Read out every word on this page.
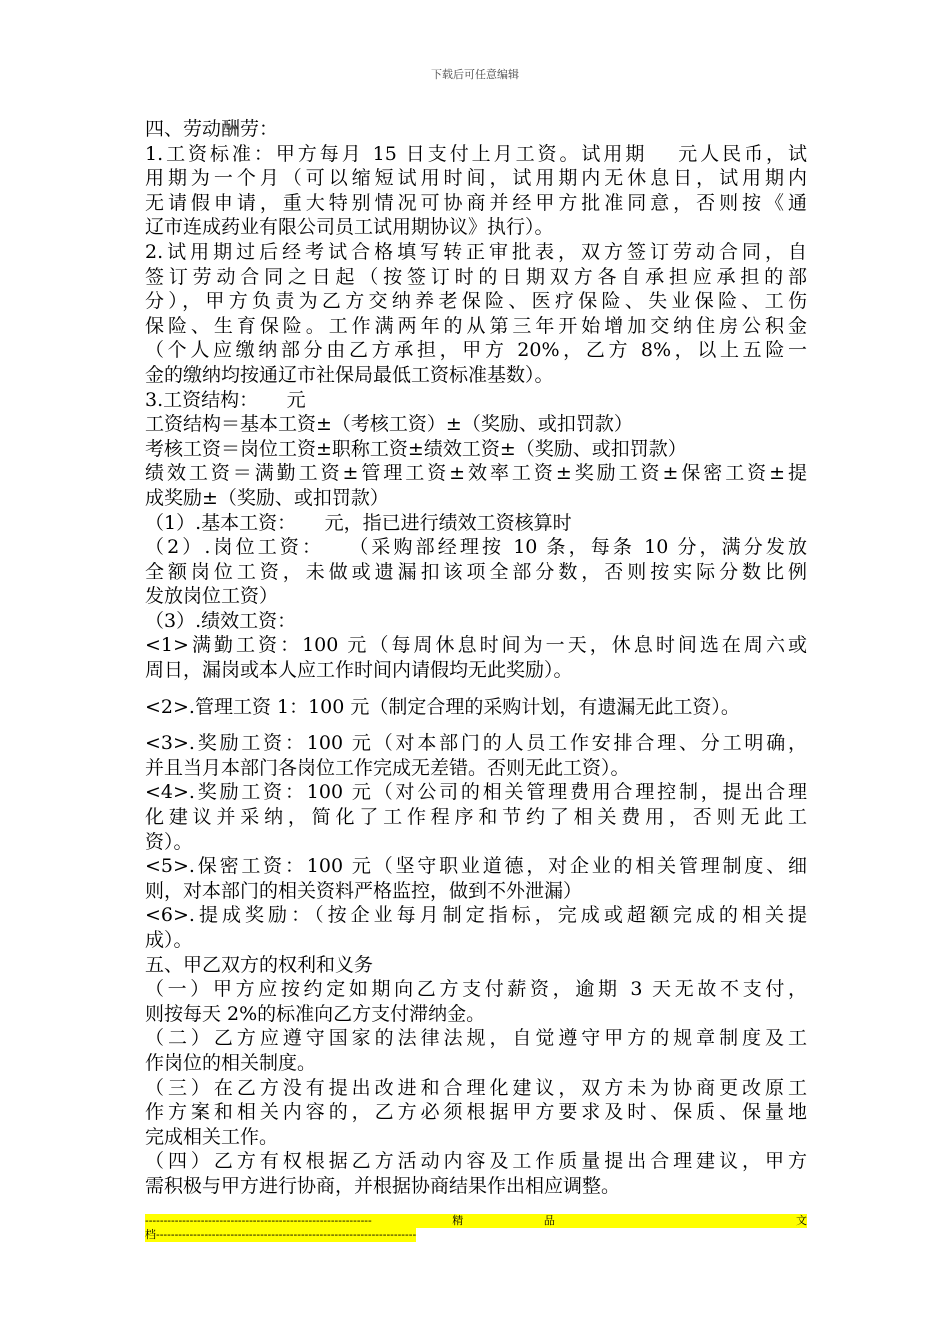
下载后可任意编辑
四、劳动酬劳：
1.工资标准：甲方每月 15 日支付上月工资。试用期　 元人民币，试
用期为一个月（可以缩短试用时间，试用期内无休息日，试用期内
无请假申请，重大特别情况可协商并经甲方批准同意，否则按《通
辽市连成药业有限公司员工试用期协议》执行）。
2.试用期过后经考试合格填写转正审批表，双方签订劳动合同，自
签订劳动合同之日起（按签订时的日期双方各自承担应承担的部
分），甲方负责为乙方交纳养老保险、医疗保险、失业保险、工伤
保险、生育保险。工作满两年的从第三年开始增加交纳住房公积金
（个人应缴纳部分由乙方承担，甲方 20%，乙方 8%，以上五险一
金的缴纳均按通辽市社保局最低工资标准基数）。
3.工资结构：　　元
工资结构＝基本工资±（考核工资）±（奖励、或扣罚款）
考核工资＝岗位工资±职称工资±绩效工资±（奖励、或扣罚款）
绩效工资＝满勤工资±管理工资±效率工资±奖励工资±保密工资±提
成奖励±（奖励、或扣罚款）
（1）.基本工资：　　元，指已进行绩效工资核算时
（2）.岗位工资：　　（采购部经理按 10 条，每条 10 分，满分发放
全额岗位工资，未做或遗漏扣该项全部分数，否则按实际分数比例
发放岗位工资）
（3）.绩效工资：
<1>满勤工资：100 元（每周休息时间为一天，休息时间选在周六或
周日，漏岗或本人应工作时间内请假均无此奖励）。
<2>.管理工资 1：100 元（制定合理的采购计划，有遗漏无此工资）。
<3>.奖励工资：100 元（对本部门的人员工作安排合理、分工明确，
并且当月本部门各岗位工作完成无差错。否则无此工资）。
<4>.奖励工资：100 元（对公司的相关管理费用合理控制，提出合理
化建议并采纳，简化了工作程序和节约了相关费用，否则无此工
资）。
<5>.保密工资：100 元（坚守职业道德，对企业的相关管理制度、细
则，对本部门的相关资料严格监控，做到不外泄漏）
<6>.提成奖励：（按企业每月制定指标，完成或超额完成的相关提
成）。
五、甲乙双方的权利和义务
（一）甲方应按约定如期向乙方支付薪资，逾期 3 天无故不支付，
则按每天 2%的标准向乙方支付滞纳金。
（二）乙方应遵守国家的法律法规，自觉遵守甲方的规章制度及工
作岗位的相关制度。
（三）在乙方没有提出改进和合理化建议，双方未为协商更改原工
作方案和相关内容的，乙方必须根据甲方要求及时、保质、保量地
完成相关工作。
（四）乙方有权根据乙方活动内容及工作质量提出合理建议，甲方
需积极与甲方进行协商，并根据协商结果作出相应调整。
-------------------------------------------------------------	精	品	文
档----------------------------------------------------------------------
